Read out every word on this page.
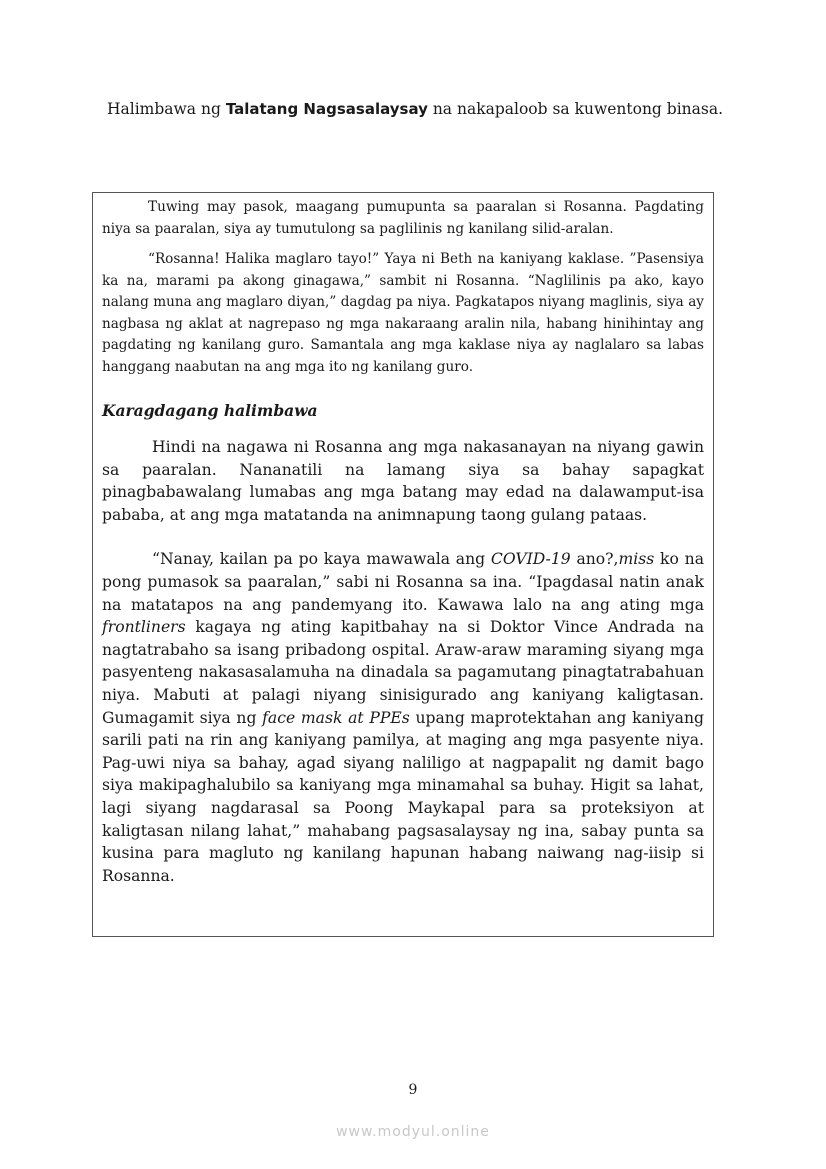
Halimbawa ng Talatang Nagsasalaysay na nakapaloob sa kuwentong binasa.

Tuwing may pasok, maagang pumupunta sa paaralan si Rosanna. Pagdating niya sa paaralan, siya ay tumutulong sa paglilinis ng kanilang silid-aralan.

“Rosanna! Halika maglaro tayo!” Yaya ni Beth na kaniyang kaklase. ”Pasensiya ka na, marami pa akong ginagawa,” sambit ni Rosanna. “Naglilinis pa ako, kayo nalang muna ang maglaro diyan,” dagdag pa niya. Pagkatapos niyang maglinis, siya ay nagbasa ng aklat at nagrepaso ng mga nakaraang aralin nila, habang hinihintay ang pagdating ng kanilang guro. Samantala ang mga kaklase niya ay naglalaro sa labas hanggang naabutan na ang mga ito ng kanilang guro.

Karagdagang halimbawa

Hindi na nagawa ni Rosanna ang mga nakasanayan na niyang gawin sa paaralan. Nananatili na lamang siya sa bahay sapagkat pinagbabawalang lumabas ang mga batang may edad na dalawamput-isa pababa, at ang mga matatanda na animnapung taong gulang pataas.

“Nanay, kailan pa po kaya mawawala ang COVID-19 ano?,miss ko na pong pumasok sa paaralan,” sabi ni Rosanna sa ina. “Ipagdasal natin anak na matatapos na ang pandemyang ito. Kawawa lalo na ang ating mga frontliners kagaya ng ating kapitbahay na si Doktor Vince Andrada na nagtatrabaho sa isang pribadong ospital. Araw-araw maraming siyang mga pasyenteng nakasasalamuha na dinadala sa pagamutang pinagtatrabahuan niya. Mabuti at palagi niyang sinisigurado ang kaniyang kaligtasan. Gumagamit siya ng face mask at PPEs upang maprotektahan ang kaniyang sarili pati na rin ang kaniyang pamilya, at maging ang mga pasyente niya. Pag-uwi niya sa bahay, agad siyang naliligo at nagpapalit ng damit bago siya makipaghalubilo sa kaniyang mga minamahal sa buhay. Higit sa lahat, lagi siyang nagdarasal sa Poong Maykapal para sa proteksiyon at kaligtasan nilang lahat,” mahabang pagsasalaysay ng ina, sabay punta sa kusina para magluto ng kanilang hapunan habang naiwang nag-iisip si Rosanna.

9
www.modyul.online
